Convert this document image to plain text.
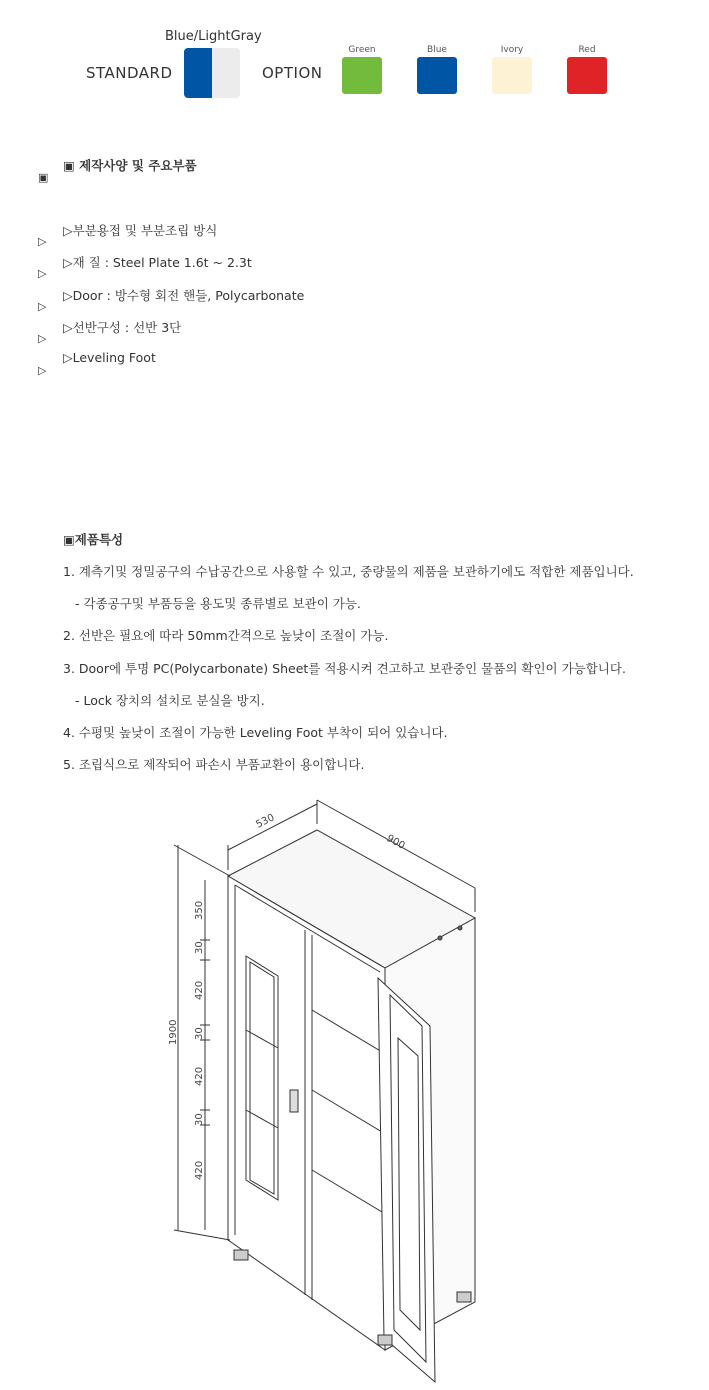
Blue/LightGray
STANDARD	OPTION
Green	Blue	Ivory	Red
▣
▷
▷
▷
▷
▷
▣ 제작사양 및 주요부품
▷부분용접 및 부분조립 방식
▷재 질 : Steel Plate 1.6t ~ 2.3t
▷Door : 방수형 회전 핸들, Polycarbonate
▷선반구성 : 선반 3단
▷Leveling Foot
▣제품특성
1. 계측기및 정밀공구의 수납공간으로 사용할 수 있고, 중량물의 제품을 보관하기에도 적합한 제품입니다.
- 각종공구및 부품등을 용도및 종류별로 보관이 가능.
2. 선반은 필요에 따라 50mm간격으로 높낮이 조절이 가능.
3. Door에 투명 PC(Polycarbonate) Sheet를 적용시켜 견고하고 보관중인 물품의 확인이 가능합니다.
- Lock 장치의 설치로 분실을 방지.
4. 수평및 높낮이 조절이 가능한 Leveling Foot 부착이 되어 있습니다.
5. 조립식으로 제작되어 파손시 부품교환이 용이합니다.
530
900
1900
350
30
420
30
420
30
420
